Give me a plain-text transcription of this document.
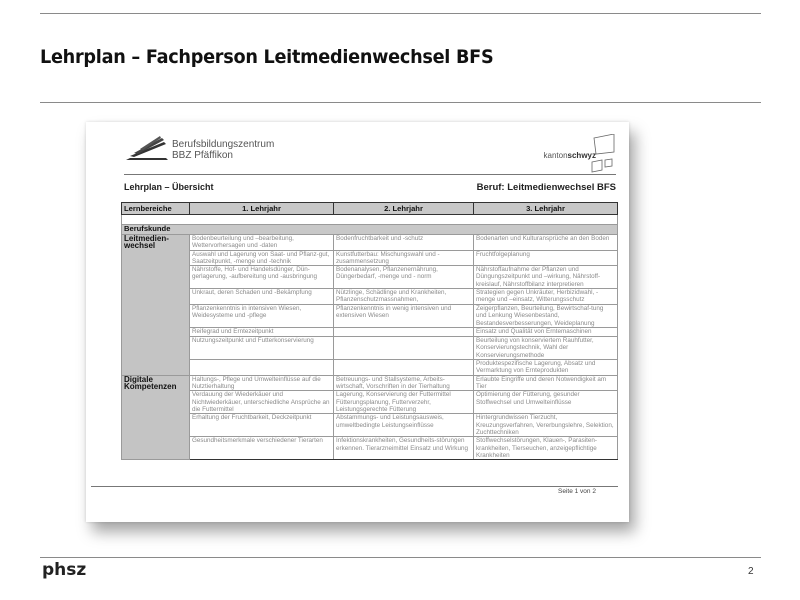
Lehrplan – Fachperson Leitmedienwechsel BFS
Berufsbildungszentrum
BBZ Pfäffikon	kantonschwyz
Lehrplan – Übersicht	Beruf: Leitmedienwechsel BFS
Lernbereiche	1. Lehrjahr	2. Lehrjahr	3. Lehrjahr

Berufskunde			
Leitmedien-wechsel	Bodenbeurteilung und –bearbeitung, Wettervorhersagen und -daten	Bodenfruchtbarkeit und -schutz	Bodenarten und Kulturansprüche an den Boden
	Auswahl und Lagerung von Saat- und Pflanz-gut, Saatzeitpunkt, -menge und -technik	Kunstfutterbau: Mischungswahl und -zusammensetzung	Fruchtfolgeplanung
	Nährstoffe, Hof- und Handelsdünger, Dün-gerlagerung, -aufbereitung und -ausbringung	Bodenanalysen, Pflanzenernährung, Düngerbedarf, -menge und - norm	Nährstoffaufnahme der Pflanzen und Düngungszeitpunkt und –wirkung, Nährstoff-kreislauf, Nährstoffbilanz interpretieren
	Unkraut, deren Schaden und -Bekämpfung	Nützlinge, Schädlinge und Krankheiten, Pflanzenschutzmassnahmen,	Strategien gegen Unkräuter, Herbizidwahl, -menge und –einsatz, Witterungsschutz
	Pflanzenkenntnis in intensiven Wiesen, Weidesysteme und -pflege	Pflanzenkenntnis in wenig intensiven und extensiven Wiesen	Zeigerpflanzen, Beurteilung, Bewirtschaf-tung und Lenkung Wiesenbestand, Bestandesverbesserungen, Weideplanung
	Reifegrad und Erntezeitpunkt		Einsatz und Qualität von Erntemaschinen
	Nutzungszeitpunkt und Futterkonservierung		Beurteilung von konserviertem Rauhfutter, Konservierungstechnik, Wahl der Konservierungsmethode
			Produktespezifische Lagerung, Absatz und Vermarktung von Ernteprodukten
Digitale Kompetenzen	Haltungs-, Pflege und Umwelteinflüsse auf die Nutztierhaltung	Betreuungs- und Stallsysteme, Arbeits-wirtschaft, Vorschriften in der Tierhaltung	Erlaubte Eingriffe und deren Notwendigkeit am Tier
	Verdauung der Wiederkäuer und Nichtwiederkäuer, unterschiedliche Ansprüche an die Futtermittel	Lagerung, Konservierung der Futtermittel Fütterungsplanung, Futterverzehr, Leistungsgerechte Fütterung	Optimierung der Fütterung, gesunder Stoffwechsel und Umwelteinflüsse
	Erhaltung der Fruchtbarkeit, Deckzeitpunkt	Abstammungs- und Leistungsausweis, umweltbedingte Leistungseinflüsse	Hintergrundwissen Tierzucht, Kreuzungsverfahren, Vererbungslehre, Selektion, Zuchttechniken
	Gesundheitsmerkmale verschiedener Tierarten	Infektionskrankheiten, Gesundheits-störungen erkennen. Tierarzneimittel Einsatz und Wirkung	Stoffwechselstörungen, Klauen-, Parasiten-krankheiten, Tierseuchen, anzeigepflichtige Krankheiten
Seite 1 von 2
phsz	2
